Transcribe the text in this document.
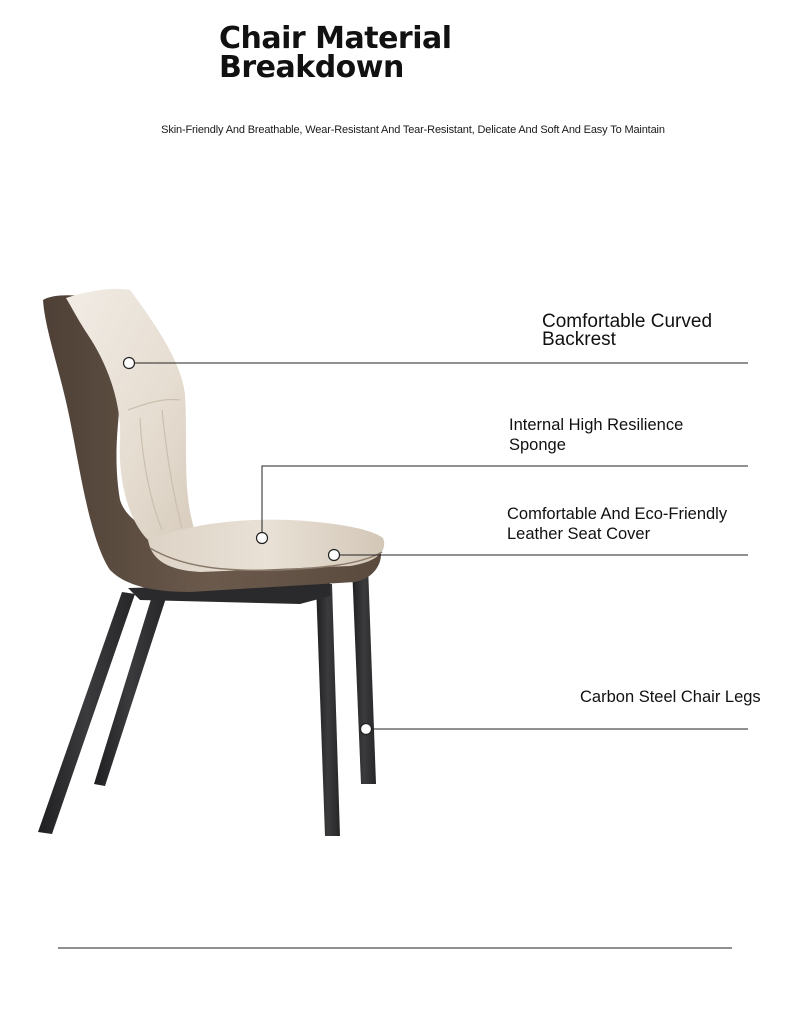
Chair Material
Breakdown
Skin-Friendly And Breathable, Wear-Resistant And Tear-Resistant, Delicate And Soft And Easy To Maintain
Comfortable Curved
Backrest
Internal High Resilience
Sponge
Comfortable And Eco-Friendly
Leather Seat Cover
Carbon Steel Chair Legs
